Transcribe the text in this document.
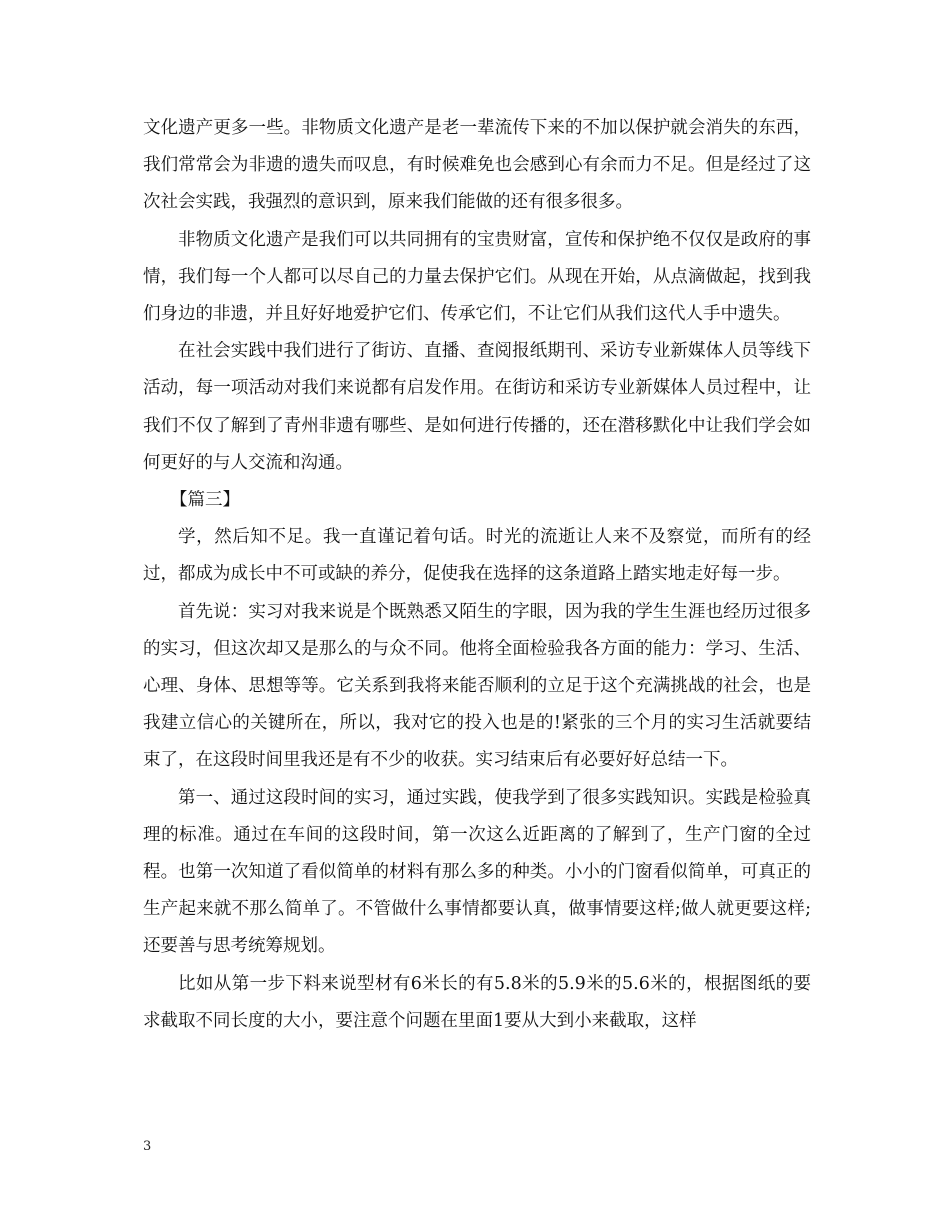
文化遗产更多一些。非物质文化遗产是老一辈流传下来的不加以保护就会消失的东西，我们常常会为非遗的遗失而叹息，有时候难免也会感到心有余而力不足。但是经过了这次社会实践，我强烈的意识到，原来我们能做的还有很多很多。

非物质文化遗产是我们可以共同拥有的宝贵财富，宣传和保护绝不仅仅是政府的事情，我们每一个人都可以尽自己的力量去保护它们。从现在开始，从点滴做起，找到我们身边的非遗，并且好好地爱护它们、传承它们，不让它们从我们这代人手中遗失。

在社会实践中我们进行了街访、直播、查阅报纸期刊、采访专业新媒体人员等线下活动，每一项活动对我们来说都有启发作用。在街访和采访专业新媒体人员过程中，让我们不仅了解到了青州非遗有哪些、是如何进行传播的，还在潜移默化中让我们学会如何更好的与人交流和沟通。

【篇三】

学，然后知不足。我一直谨记着句话。时光的流逝让人来不及察觉，而所有的经过，都成为成长中不可或缺的养分，促使我在选择的这条道路上踏实地走好每一步。

首先说：实习对我来说是个既熟悉又陌生的字眼，因为我的学生生涯也经历过很多的实习，但这次却又是那么的与众不同。他将全面检验我各方面的能力：学习、生活、心理、身体、思想等等。它关系到我将来能否顺利的立足于这个充满挑战的社会，也是我建立信心的关键所在，所以，我对它的投入也是的!紧张的三个月的实习生活就要结束了，在这段时间里我还是有不少的收获。实习结束后有必要好好总结一下。

第一、通过这段时间的实习，通过实践，使我学到了很多实践知识。实践是检验真理的标准。通过在车间的这段时间，第一次这么近距离的了解到了，生产门窗的全过程。也第一次知道了看似简单的材料有那么多的种类。小小的门窗看似简单，可真正的生产起来就不那么简单了。不管做什么事情都要认真，做事情要这样;做人就更要这样;还要善与思考统筹规划。

比如从第一步下料来说型材有6米长的有5.8米的5.9米的5.6米的，根据图纸的要求截取不同长度的大小，要注意个问题在里面1要从大到小来截取，这样

3
